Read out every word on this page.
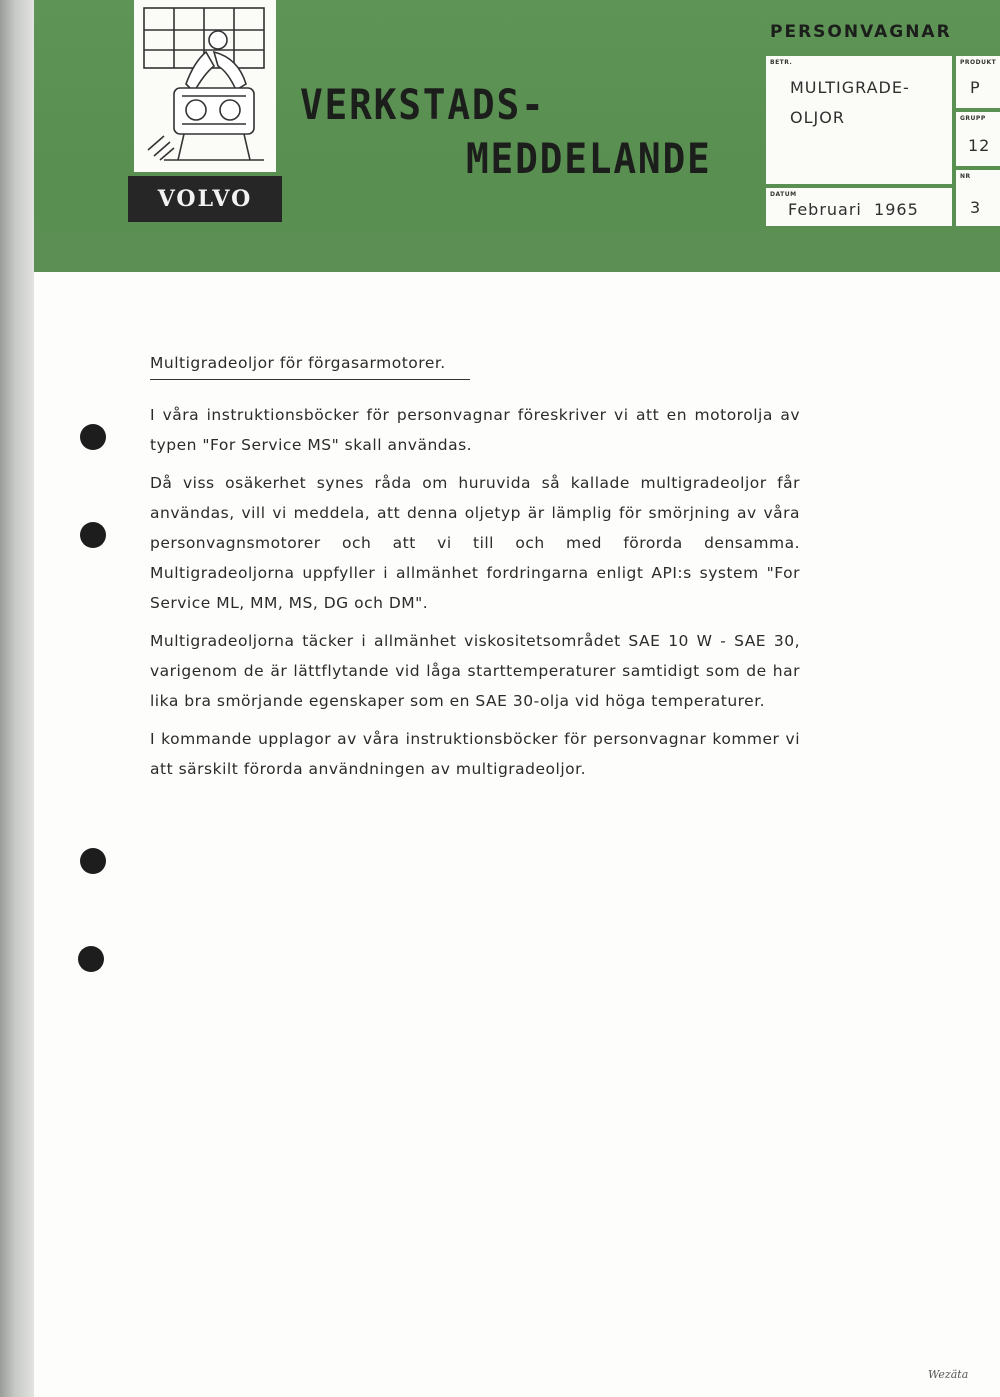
VOLVO
VERKSTADS-
MEDDELANDE
PERSONVAGNAR
BETR.
MULTIGRADE-
OLJOR
DATUM
Februari  1965
PRODUKT
P
GRUPP
12
NR
3
Multigradeoljor för förgasarmotorer.

I våra instruktionsböcker för personvagnar föreskriver vi att en motorolja av typen "For Service MS" skall användas.

Då viss osäkerhet synes råda om huruvida så kallade multigradeoljor får användas, vill vi meddela, att denna oljetyp är lämplig för smörjning av våra personvagnsmotorer och att vi till och med förorda densamma. Multigradeoljorna uppfyller i allmänhet fordringarna enligt API:s system "For Service ML, MM, MS, DG och DM".

Multigradeoljorna täcker i allmänhet viskositetsområdet SAE 10 W - SAE 30, varigenom de är lättflytande vid låga starttemperaturer samtidigt som de har lika bra smörjande egenskaper som en SAE 30-olja vid höga temperaturer.

I kommande upplagor av våra instruktionsböcker för personvagnar kommer vi att särskilt förorda användningen av multigradeoljor.

Wezäta
